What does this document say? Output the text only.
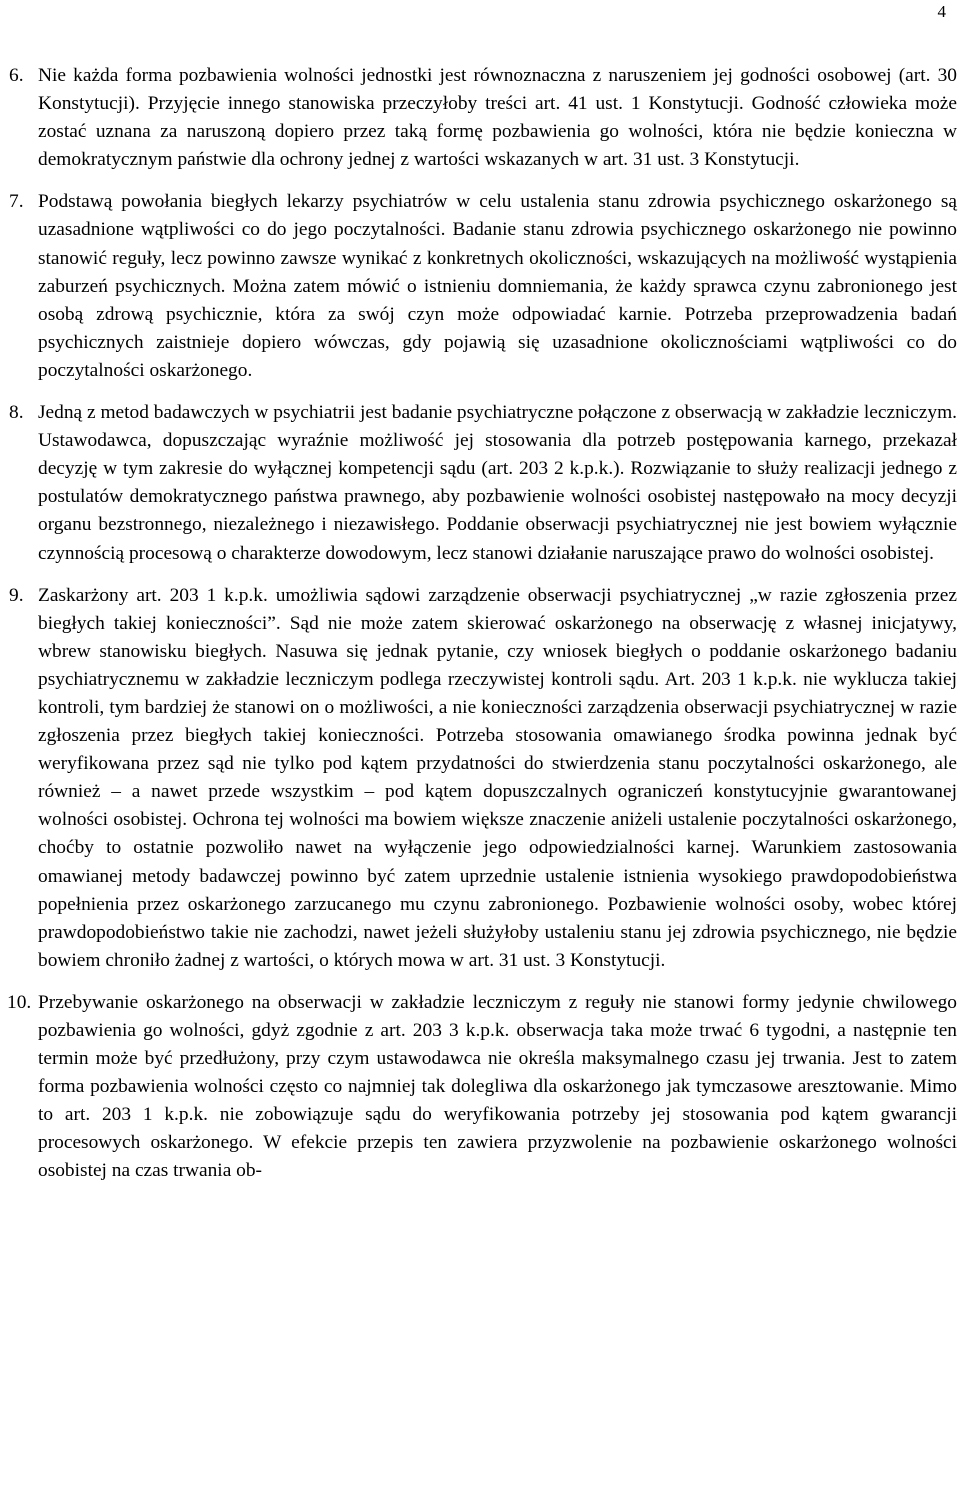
4
6. Nie każda forma pozbawienia wolności jednostki jest równoznaczna z naruszeniem jej godności osobowej (art. 30 Konstytucji). Przyjęcie innego stanowiska przeczyłoby treści art. 41 ust. 1 Konstytucji. Godność człowieka może zostać uznana za naruszoną dopiero przez taką formę pozbawienia go wolności, która nie będzie konieczna w demokratycznym państwie dla ochrony jednej z wartości wskazanych w art. 31 ust. 3 Konstytucji.
7. Podstawą powołania biegłych lekarzy psychiatrów w celu ustalenia stanu zdrowia psychicznego oskarżonego są uzasadnione wątpliwości co do jego poczytalności. Badanie stanu zdrowia psychicznego oskarżonego nie powinno stanowić reguły, lecz powinno zawsze wynikać z konkretnych okoliczności, wskazujących na możliwość wystąpienia zaburzeń psychicznych. Można zatem mówić o istnieniu domniemania, że każdy sprawca czynu zabronionego jest osobą zdrową psychicznie, która za swój czyn może odpowiadać karnie. Potrzeba przeprowadzenia badań psychicznych zaistnieje dopiero wówczas, gdy pojawią się uzasadnione okolicznościami wątpliwości co do poczytalności oskarżonego.
8. Jedną z metod badawczych w psychiatrii jest badanie psychiatryczne połączone z obserwacją w zakładzie leczniczym. Ustawodawca, dopuszczając wyraźnie możliwość jej stosowania dla potrzeb postępowania karnego, przekazał decyzję w tym zakresie do wyłącznej kompetencji sądu (art. 203 2 k.p.k.). Rozwiązanie to służy realizacji jednego z postulatów demokratycznego państwa prawnego, aby pozbawienie wolności osobistej następowało na mocy decyzji organu bezstronnego, niezależnego i niezawisłego. Poddanie obserwacji psychiatrycznej nie jest bowiem wyłącznie czynnością procesową o charakterze dowodowym, lecz stanowi działanie naruszające prawo do wolności osobistej.
9. Zaskarżony art. 203 1 k.p.k. umożliwia sądowi zarządzenie obserwacji psychiatrycznej „w razie zgłoszenia przez biegłych takiej konieczności”. Sąd nie może zatem skierować oskarżonego na obserwację z własnej inicjatywy, wbrew stanowisku biegłych. Nasuwa się jednak pytanie, czy wniosek biegłych o poddanie oskarżonego badaniu psychiatrycznemu w zakładzie leczniczym podlega rzeczywistej kontroli sądu. Art. 203 1 k.p.k. nie wyklucza takiej kontroli, tym bardziej że stanowi on o możliwości, a nie konieczności zarządzenia obserwacji psychiatrycznej w razie zgłoszenia przez biegłych takiej konieczności. Potrzeba stosowania omawianego środka powinna jednak być weryfikowana przez sąd nie tylko pod kątem przydatności do stwierdzenia stanu poczytalności oskarżonego, ale również – a nawet przede wszystkim – pod kątem dopuszczalnych ograniczeń konstytucyjnie gwarantowanej wolności osobistej. Ochrona tej wolności ma bowiem większe znaczenie aniżeli ustalenie poczytalności oskarżonego, choćby to ostatnie pozwoliło nawet na wyłączenie jego odpowiedzialności karnej. Warunkiem zastosowania omawianej metody badawczej powinno być zatem uprzednie ustalenie istnienia wysokiego prawdopodobieństwa popełnienia przez oskarżonego zarzucanego mu czynu zabronionego. Pozbawienie wolności osoby, wobec której prawdopodobieństwo takie nie zachodzi, nawet jeżeli służyłoby ustaleniu stanu jej zdrowia psychicznego, nie będzie bowiem chroniło żadnej z wartości, o których mowa w art. 31 ust. 3 Konstytucji.
10. Przebywanie oskarżonego na obserwacji w zakładzie leczniczym z reguły nie stanowi formy jedynie chwilowego pozbawienia go wolności, gdyż zgodnie z art. 203 3 k.p.k. obserwacja taka może trwać 6 tygodni, a następnie ten termin może być przedłużony, przy czym ustawodawca nie określa maksymalnego czasu jej trwania. Jest to zatem forma pozbawienia wolności często co najmniej tak dolegliwa dla oskarżonego jak tymczasowe aresztowanie. Mimo to art. 203 1 k.p.k. nie zobowiązuje sądu do weryfikowania potrzeby jej stosowania pod kątem gwarancji procesowych oskarżonego. W efekcie przepis ten zawiera przyzwolenie na pozbawienie oskarżonego wolności osobistej na czas trwania ob-
